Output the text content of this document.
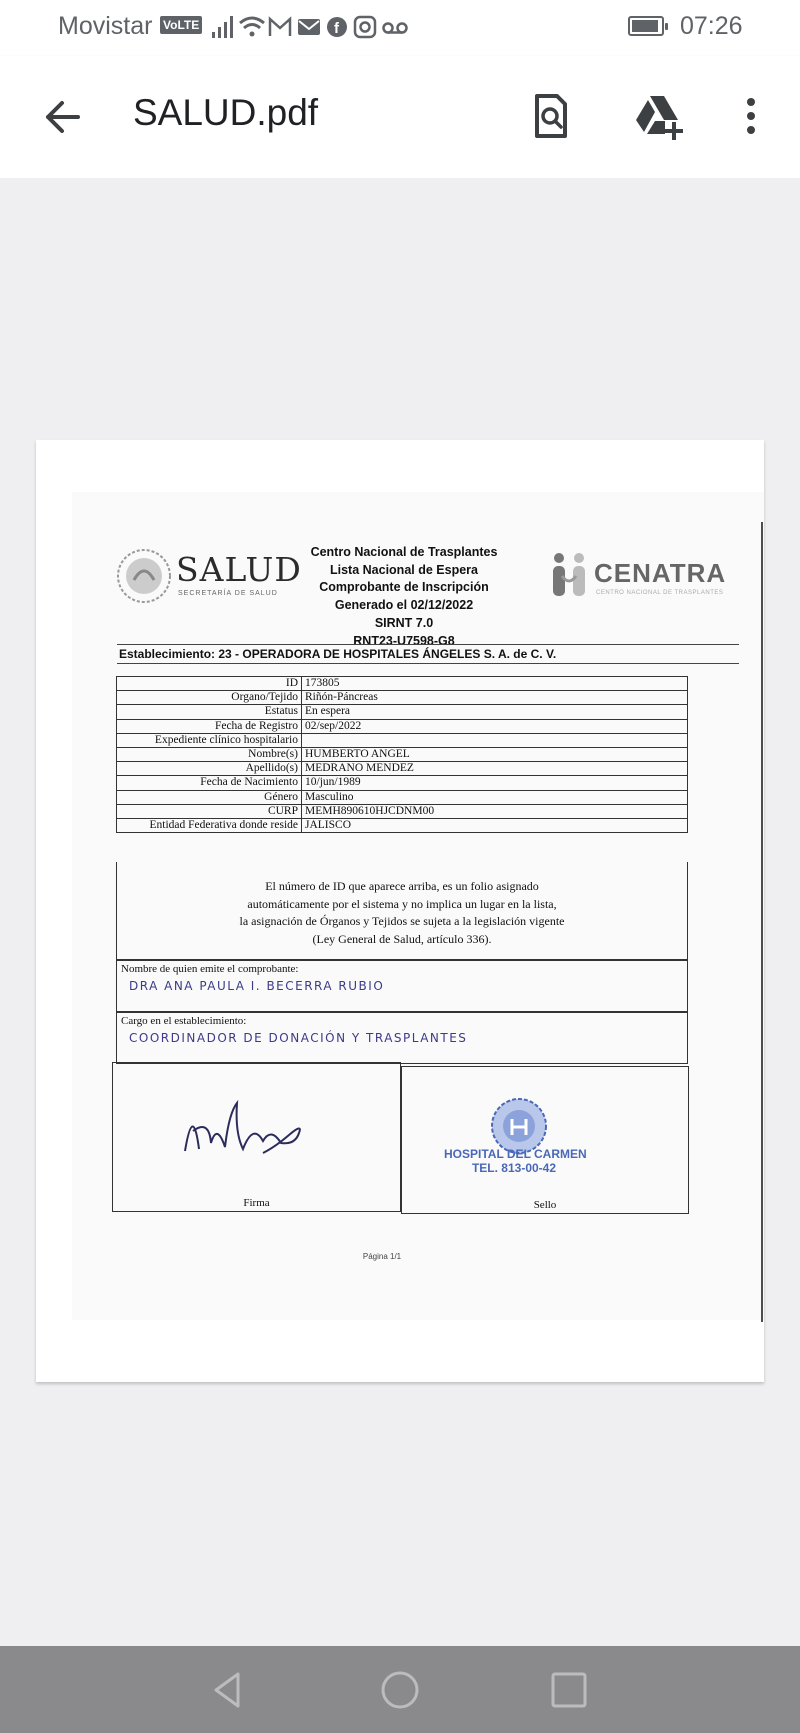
Movistar VoLTE	f	07:26
SALUD.pdf
SALUD
SECRETARÍA DE SALUD
Centro Nacional de Trasplantes
Lista Nacional de Espera
Comprobante de Inscripción
Generado el 02/12/2022
SIRNT 7.0
RNT23-U7598-G8
CENATRA
CENTRO NACIONAL DE TRASPLANTES
Establecimiento: 23 - OPERADORA DE HOSPITALES ÁNGELES S. A. de C. V.
ID	173805
Organo/Tejido	Riñón-Páncreas
Estatus	En espera
Fecha de Registro	02/sep/2022
Expediente clínico hospitalario	
Nombre(s)	HUMBERTO ANGEL
Apellido(s)	MEDRANO MENDEZ
Fecha de Nacimiento	10/jun/1989
Género	Masculino
CURP	MEMH890610HJCDNM00
Entidad Federativa donde reside	JALISCO
El número de ID que aparece arriba, es un folio asignado
automáticamente por el sistema y no implica un lugar en la lista,
la asignación de Órganos y Tejidos se sujeta a la legislación vigente
(Ley General de Salud, artículo 336).
Nombre de quien emite el comprobante:
DRA ANA PAULA I. BECERRA RUBIO
Cargo en el establecimiento:
COORDINADOR DE DONACIÓN Y TRASPLANTES
Firma
HOSPITAL DEL CARMEN
TEL. 813-00-42
Sello
Página 1/1
